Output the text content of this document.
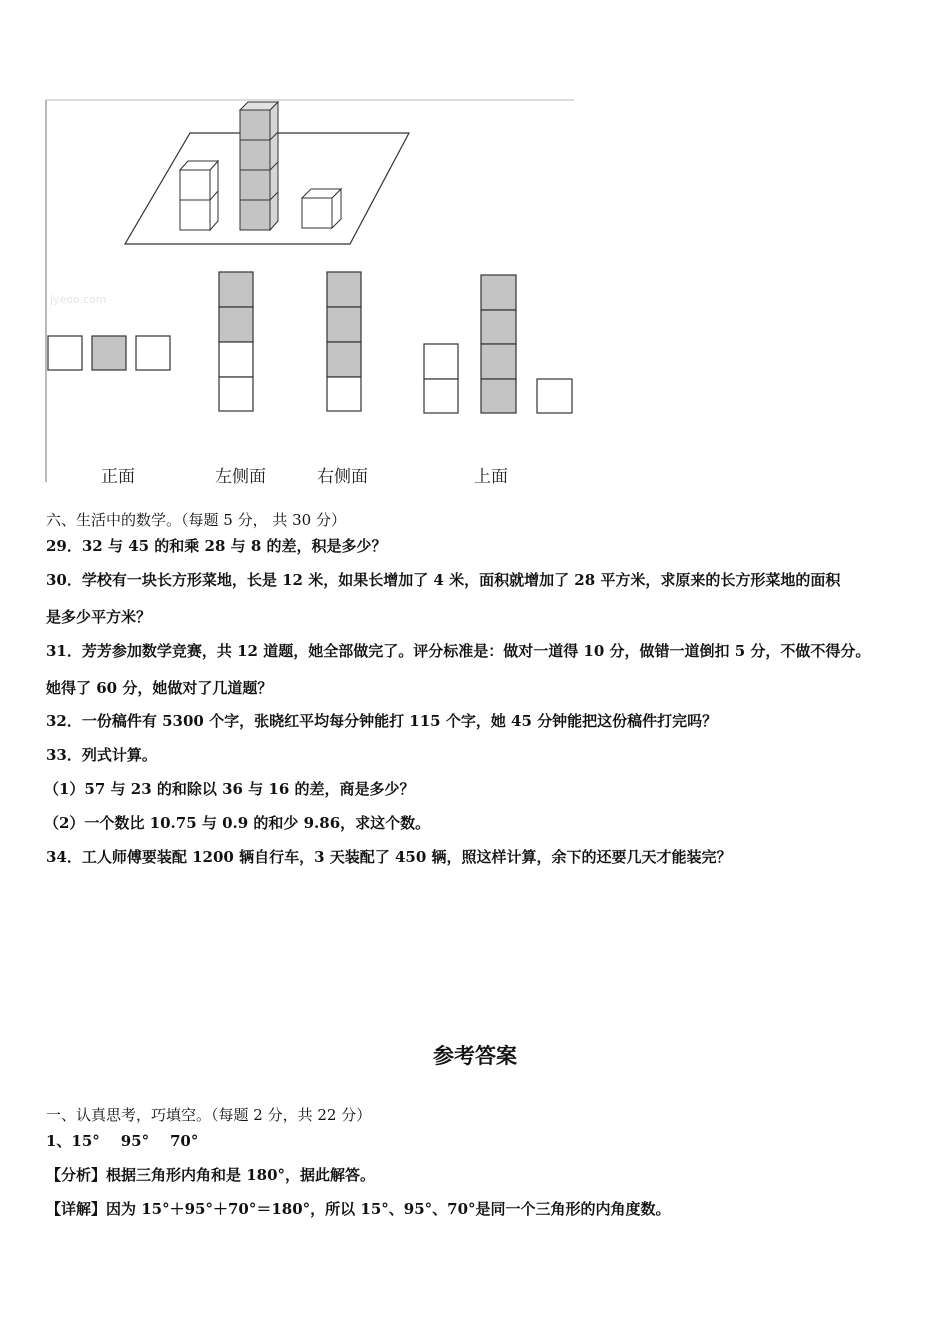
jyeoo.com
正面	左侧面	右侧面	上面
六、生活中的数学。（每题 5 分， 共 30 分）
29．32 与 45 的和乘 28 与 8 的差，积是多少？
30．学校有一块长方形菜地，长是 12 米，如果长增加了 4 米，面积就增加了 28 平方米，求原来的长方形菜地的面积
是多少平方米？
31．芳芳参加数学竞赛，共 12 道题，她全部做完了。评分标准是：做对一道得 10 分，做错一道倒扣 5 分，不做不得分。
她得了 60 分，她做对了几道题？
32．一份稿件有 5300 个字，张晓红平均每分钟能打 115 个字，她 45 分钟能把这份稿件打完吗？
33．列式计算。
（1）57 与 23 的和除以 36 与 16 的差，商是多少？
（2）一个数比 10.75 与 0.9 的和少 9.86，求这个数。
34．工人师傅要装配 1200 辆自行车，3 天装配了 450 辆，照这样计算，余下的还要几天才能装完？
参考答案
一、认真思考，巧填空。（每题 2 分，共 22 分）
1、15°    95°    70°
【分析】根据三角形内角和是 180°，据此解答。
【详解】因为 15°＋95°＋70°＝180°，所以 15°、95°、70°是同一个三角形的内角度数。
